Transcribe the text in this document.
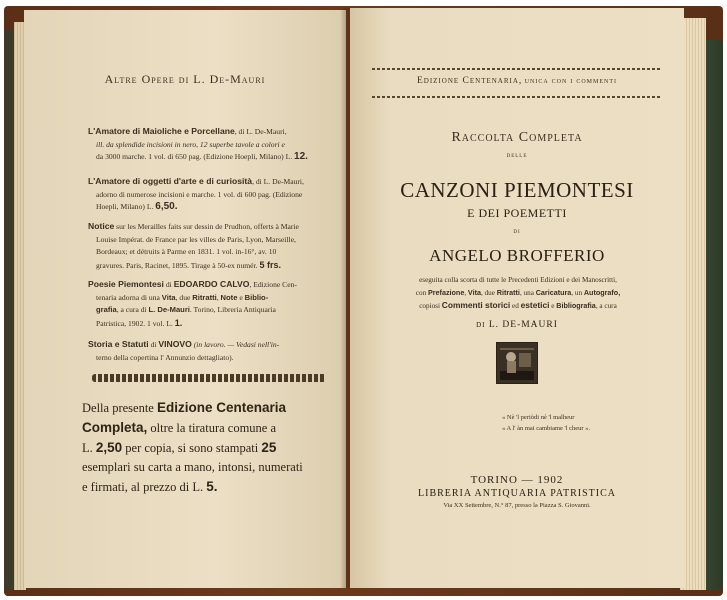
Altre Opere di L. De-Mauri
L'Amatore di Maioliche e Porcellane, di L. De-Mauri,
ill. da splendide incisioni in nero, 12 superbe tavole a colori e
da 3000 marche. 1 vol. di 650 pag. (Edizione Hoepli, Milano) L. 12.
L'Amatore di oggetti d'arte e di curiosità, di L. De-Mauri,
adorno di numerose incisioni e marche. 1 vol. di 600 pag. (Edizione
Hoepli, Milano) L. 6,50.
Notice sur les Merailles faits sur dessin de Prudhon, offerts à Marie
Louise Impérat. de France par les villes de Paris, Lyon, Marseille,
Bordeaux; et détruits à Parme en 1831. 1 vol. in-16°, av. 10
gravures. Paris, Racinet, 1895. Tirage à 50-ex numér. 5 frs.
Poesie Piemontesi di EDOARDO CALVO, Edizione Cen-
tenaria adorna di una Vita, due Ritratti, Note e Biblio-
grafia, a cura di L. De-Mauri. Torino, Libreria Antiquaria
Patristica, 1902. 1 vol. L. 1.
Storia e Statuti di VINOVO (in lavoro. — Vedasi nell'in-
terno della copertina l' Annunzio dettagliato).
Della presente Edizione Centenaria
Completa, oltre la tiratura comune a
L. 2,50 per copia, si sono stampati 25
esemplari su carta a mano, intonsi, numerati
e firmati, al prezzo di L. 5.
Edizione Centenaria, unica con i commenti
Raccolta Completa
delle
CANZONI PIEMONTESI
E DEI POEMETTI
di
ANGELO BROFFERIO
eseguita colla scorta di tutte le Precedenti Edizioni e dei Manoscritti,
con Prefazione, Vita, due Ritratti, una Caricatura, un Autografo,
copiosi Commenti storici ed estetici e Bibliografia, a cura
di L. DE-MAURI
« Nè 'l periòdi nè 'l malheur
« A l' àn mai cambiame 'l cheur ».
TORINO — 1902
LIBRERIA ANTIQUARIA PATRISTICA
Via XX Settembre, N.° 87, presso la Piazza S. Giovanni.
